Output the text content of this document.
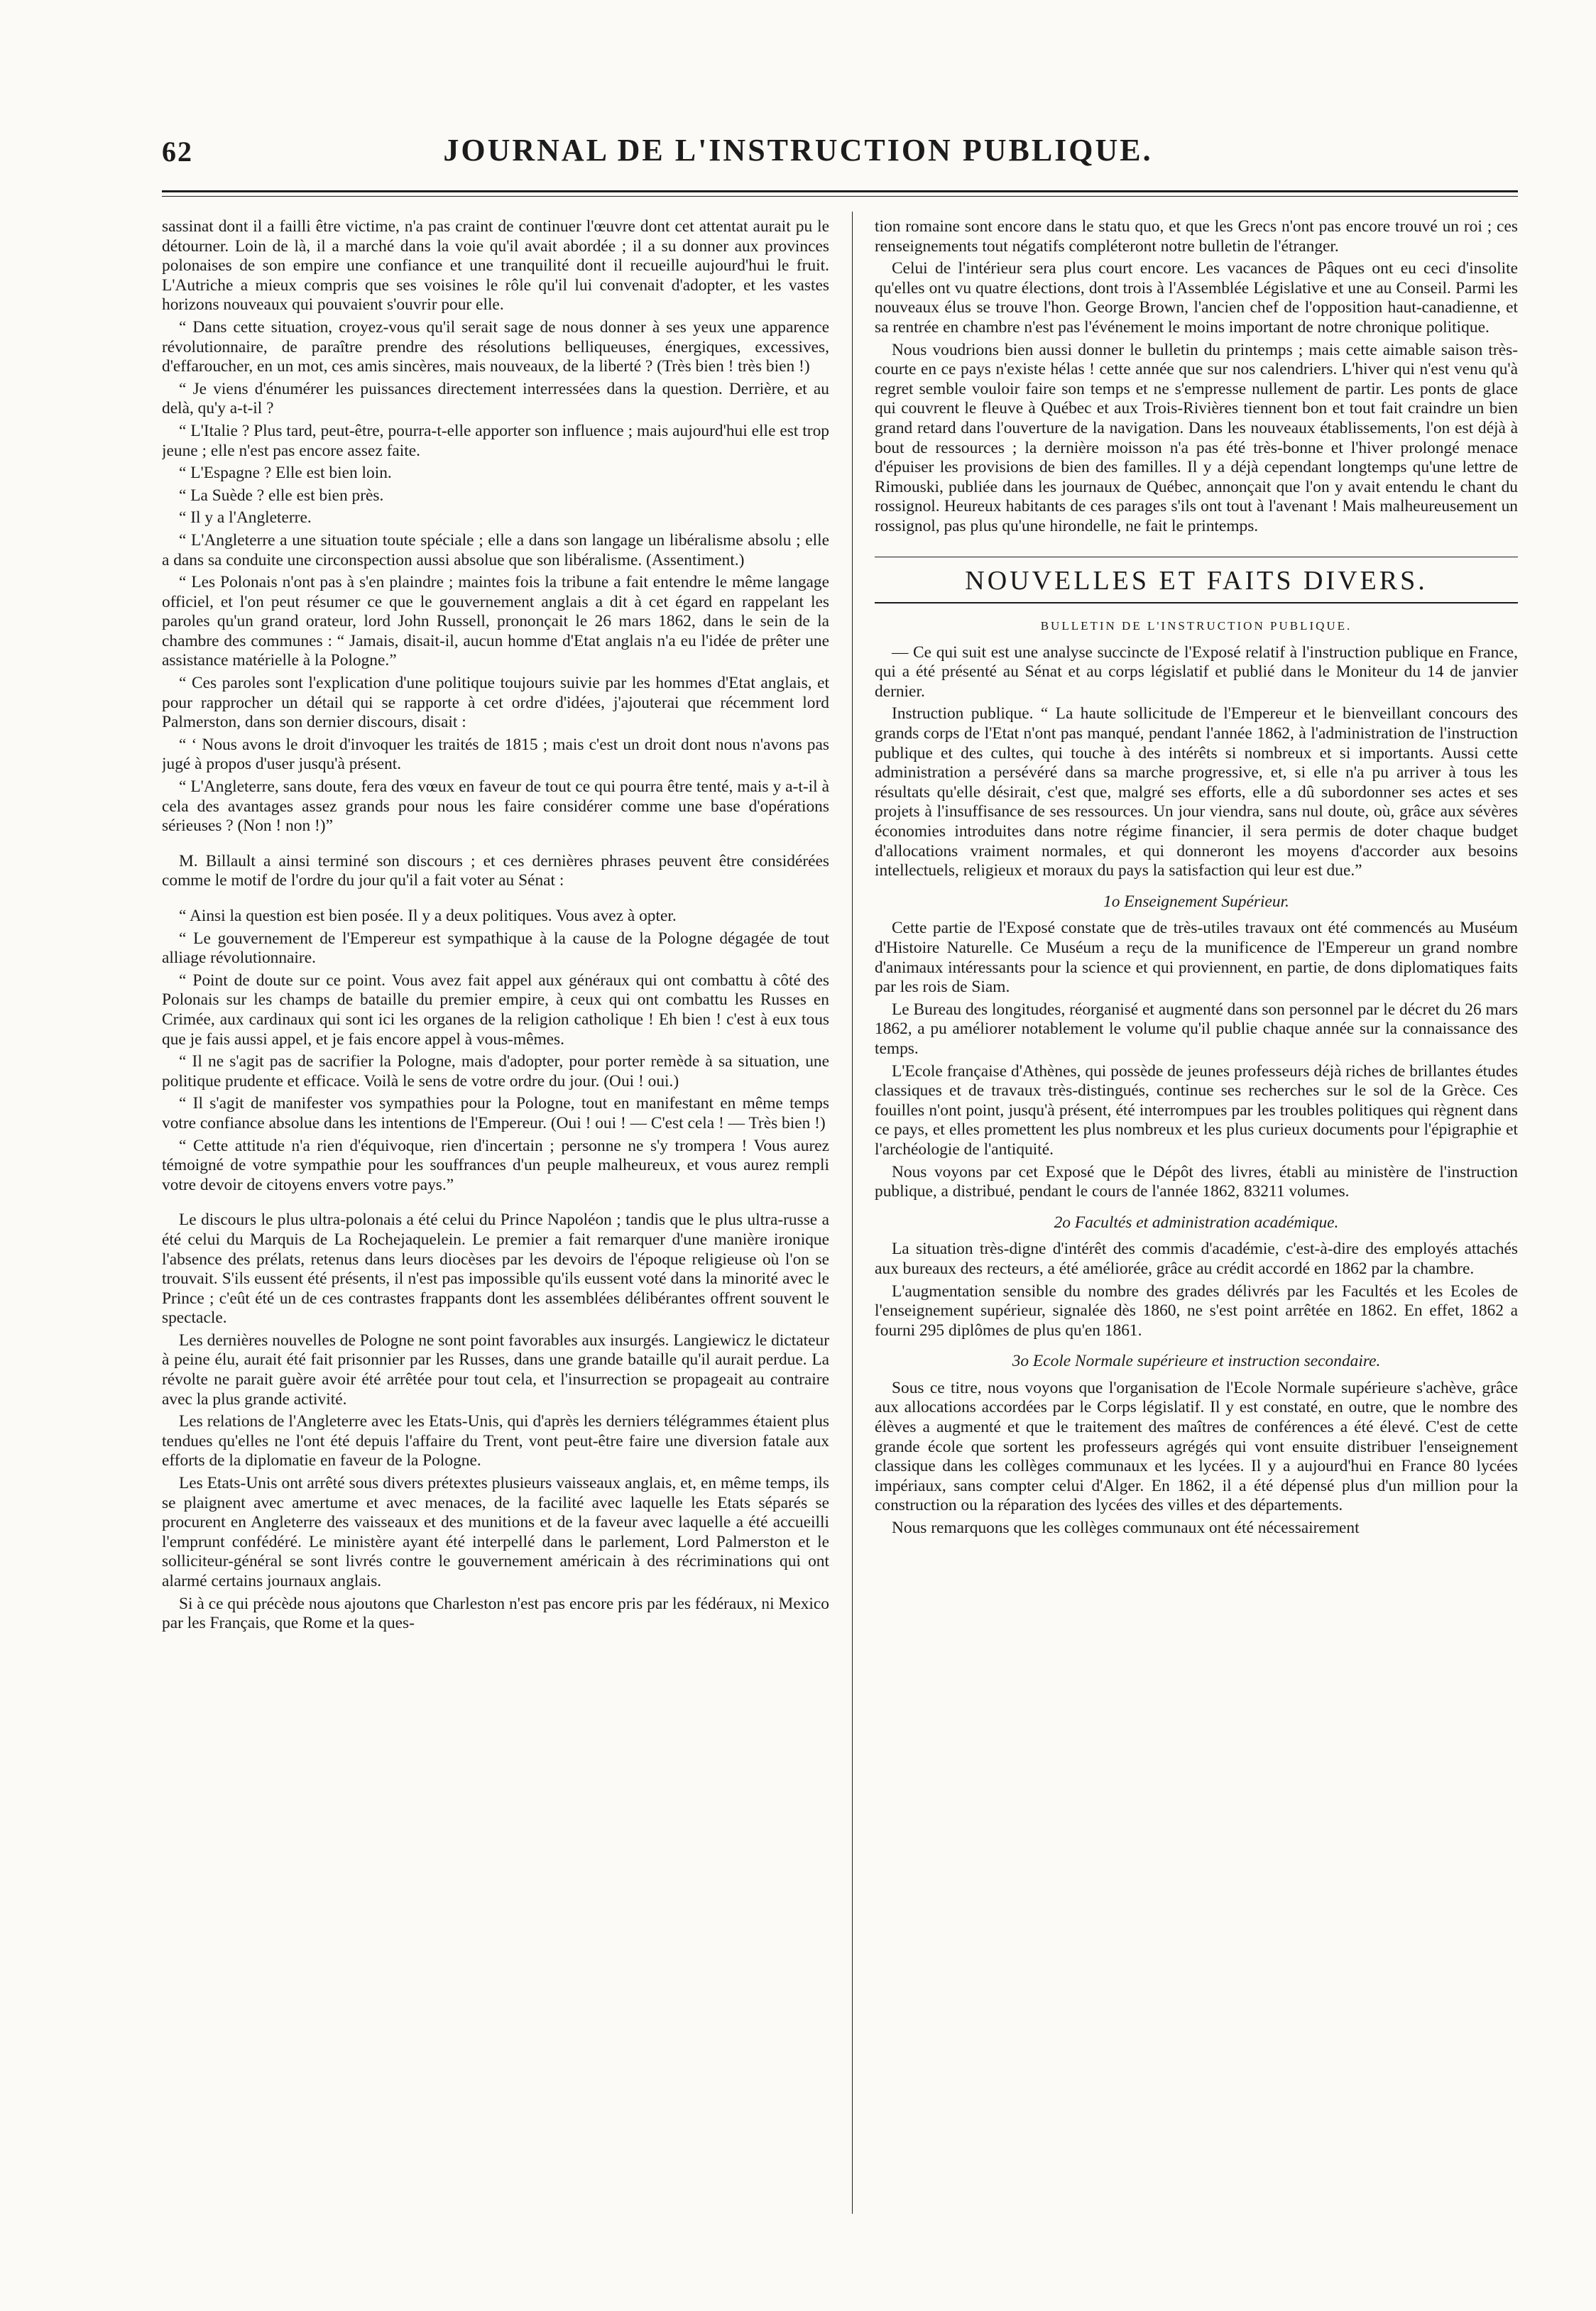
62	JOURNAL DE L'INSTRUCTION PUBLIQUE.

sassinat dont il a failli être victime, n'a pas craint de continuer l'œuvre dont cet attentat aurait pu le détourner. Loin de là, il a marché dans la voie qu'il avait abordée ; il a su donner aux provinces polonaises de son empire une confiance et une tranquilité dont il recueille aujourd'hui le fruit. L'Autriche a mieux compris que ses voisines le rôle qu'il lui convenait d'adopter, et les vastes horizons nouveaux qui pouvaient s'ouvrir pour elle.

“ Dans cette situation, croyez-vous qu'il serait sage de nous donner à ses yeux une apparence révolutionnaire, de paraître prendre des résolutions belliqueuses, énergiques, excessives, d'effaroucher, en un mot, ces amis sincères, mais nouveaux, de la liberté ? (Très bien ! très bien !)

“ Je viens d'énumérer les puissances directement interressées dans la question. Derrière, et au delà, qu'y a-t-il ?

“ L'Italie ? Plus tard, peut-être, pourra-t-elle apporter son influence ; mais aujourd'hui elle est trop jeune ; elle n'est pas encore assez faite.

“ L'Espagne ? Elle est bien loin.

“ La Suède ? elle est bien près.

“ Il y a l'Angleterre.

“ L'Angleterre a une situation toute spéciale ; elle a dans son langage un libéralisme absolu ; elle a dans sa conduite une circonspection aussi absolue que son libéralisme. (Assentiment.)

“ Les Polonais n'ont pas à s'en plaindre ; maintes fois la tribune a fait entendre le même langage officiel, et l'on peut résumer ce que le gouvernement anglais a dit à cet égard en rappelant les paroles qu'un grand orateur, lord John Russell, prononçait le 26 mars 1862, dans le sein de la chambre des communes : “ Jamais, disait-il, aucun homme d'Etat anglais n'a eu l'idée de prêter une assistance matérielle à la Pologne.”

“ Ces paroles sont l'explication d'une politique toujours suivie par les hommes d'Etat anglais, et pour rapprocher un détail qui se rapporte à cet ordre d'idées, j'ajouterai que récemment lord Palmerston, dans son dernier discours, disait :

“ ‘ Nous avons le droit d'invoquer les traités de 1815 ; mais c'est un droit dont nous n'avons pas jugé à propos d'user jusqu'à présent.

“ L'Angleterre, sans doute, fera des vœux en faveur de tout ce qui pourra être tenté, mais y a-t-il à cela des avantages assez grands pour nous les faire considérer comme une base d'opérations sérieuses ? (Non ! non !)”

M. Billault a ainsi terminé son discours ; et ces dernières phrases peuvent être considérées comme le motif de l'ordre du jour qu'il a fait voter au Sénat :

“ Ainsi la question est bien posée. Il y a deux politiques. Vous avez à opter.

“ Le gouvernement de l'Empereur est sympathique à la cause de la Pologne dégagée de tout alliage révolutionnaire.

“ Point de doute sur ce point. Vous avez fait appel aux généraux qui ont combattu à côté des Polonais sur les champs de bataille du premier empire, à ceux qui ont combattu les Russes en Crimée, aux cardinaux qui sont ici les organes de la religion catholique ! Eh bien ! c'est à eux tous que je fais aussi appel, et je fais encore appel à vous-mêmes.

“ Il ne s'agit pas de sacrifier la Pologne, mais d'adopter, pour porter remède à sa situation, une politique prudente et efficace. Voilà le sens de votre ordre du jour. (Oui ! oui.)

“ Il s'agit de manifester vos sympathies pour la Pologne, tout en manifestant en même temps votre confiance absolue dans les intentions de l'Empereur. (Oui ! oui ! — C'est cela ! — Très bien !)

“ Cette attitude n'a rien d'équivoque, rien d'incertain ; personne ne s'y trompera ! Vous aurez témoigné de votre sympathie pour les souffrances d'un peuple malheureux, et vous aurez rempli votre devoir de citoyens envers votre pays.”

Le discours le plus ultra-polonais a été celui du Prince Napoléon ; tandis que le plus ultra-russe a été celui du Marquis de La Rochejaquelein. Le premier a fait remarquer d'une manière ironique l'absence des prélats, retenus dans leurs diocèses par les devoirs de l'époque religieuse où l'on se trouvait. S'ils eussent été présents, il n'est pas impossible qu'ils eussent voté dans la minorité avec le Prince ; c'eût été un de ces contrastes frappants dont les assemblées délibérantes offrent souvent le spectacle.

Les dernières nouvelles de Pologne ne sont point favorables aux insurgés. Langiewicz le dictateur à peine élu, aurait été fait prisonnier par les Russes, dans une grande bataille qu'il aurait perdue. La révolte ne parait guère avoir été arrêtée pour tout cela, et l'insurrection se propageait au contraire avec la plus grande activité.

Les relations de l'Angleterre avec les Etats-Unis, qui d'après les derniers télégrammes étaient plus tendues qu'elles ne l'ont été depuis l'affaire du Trent, vont peut-être faire une diversion fatale aux efforts de la diplomatie en faveur de la Pologne.

Les Etats-Unis ont arrêté sous divers prétextes plusieurs vaisseaux anglais, et, en même temps, ils se plaignent avec amertume et avec menaces, de la facilité avec laquelle les Etats séparés se procurent en Angleterre des vaisseaux et des munitions et de la faveur avec laquelle a été accueilli l'emprunt confédéré. Le ministère ayant été interpellé dans le parlement, Lord Palmerston et le solliciteur-général se sont livrés contre le gouvernement américain à des récriminations qui ont alarmé certains journaux anglais.

Si à ce qui précède nous ajoutons que Charleston n'est pas encore pris par les fédéraux, ni Mexico par les Français, que Rome et la ques-

tion romaine sont encore dans le statu quo, et que les Grecs n'ont pas encore trouvé un roi ; ces renseignements tout négatifs compléteront notre bulletin de l'étranger.

Celui de l'intérieur sera plus court encore. Les vacances de Pâques ont eu ceci d'insolite qu'elles ont vu quatre élections, dont trois à l'Assemblée Législative et une au Conseil. Parmi les nouveaux élus se trouve l'hon. George Brown, l'ancien chef de l'opposition haut-canadienne, et sa rentrée en chambre n'est pas l'événement le moins important de notre chronique politique.

Nous voudrions bien aussi donner le bulletin du printemps ; mais cette aimable saison très-courte en ce pays n'existe hélas ! cette année que sur nos calendriers. L'hiver qui n'est venu qu'à regret semble vouloir faire son temps et ne s'empresse nullement de partir. Les ponts de glace qui couvrent le fleuve à Québec et aux Trois-Rivières tiennent bon et tout fait craindre un bien grand retard dans l'ouverture de la navigation. Dans les nouveaux établissements, l'on est déjà à bout de ressources ; la dernière moisson n'a pas été très-bonne et l'hiver prolongé menace d'épuiser les provisions de bien des familles. Il y a déjà cependant longtemps qu'une lettre de Rimouski, publiée dans les journaux de Québec, annonçait que l'on y avait entendu le chant du rossignol. Heureux habitants de ces parages s'ils ont tout à l'avenant ! Mais malheureusement un rossignol, pas plus qu'une hirondelle, ne fait le printemps.

NOUVELLES ET FAITS DIVERS.
BULLETIN DE L'INSTRUCTION PUBLIQUE.

— Ce qui suit est une analyse succincte de l'Exposé relatif à l'instruction publique en France, qui a été présenté au Sénat et au corps législatif et publié dans le Moniteur du 14 de janvier dernier.

Instruction publique. “ La haute sollicitude de l'Empereur et le bienveillant concours des grands corps de l'Etat n'ont pas manqué, pendant l'année 1862, à l'administration de l'instruction publique et des cultes, qui touche à des intérêts si nombreux et si importants. Aussi cette administration a persévéré dans sa marche progressive, et, si elle n'a pu arriver à tous les résultats qu'elle désirait, c'est que, malgré ses efforts, elle a dû subordonner ses actes et ses projets à l'insuffisance de ses ressources. Un jour viendra, sans nul doute, où, grâce aux sévères économies introduites dans notre régime financier, il sera permis de doter chaque budget d'allocations vraiment normales, et qui donneront les moyens d'accorder aux besoins intellectuels, religieux et moraux du pays la satisfaction qui leur est due.”

1o Enseignement Supérieur.

Cette partie de l'Exposé constate que de très-utiles travaux ont été commencés au Muséum d'Histoire Naturelle. Ce Muséum a reçu de la munificence de l'Empereur un grand nombre d'animaux intéressants pour la science et qui proviennent, en partie, de dons diplomatiques faits par les rois de Siam.

Le Bureau des longitudes, réorganisé et augmenté dans son personnel par le décret du 26 mars 1862, a pu améliorer notablement le volume qu'il publie chaque année sur la connaissance des temps.

L'Ecole française d'Athènes, qui possède de jeunes professeurs déjà riches de brillantes études classiques et de travaux très-distingués, continue ses recherches sur le sol de la Grèce. Ces fouilles n'ont point, jusqu'à présent, été interrompues par les troubles politiques qui règnent dans ce pays, et elles promettent les plus nombreux et les plus curieux documents pour l'épigraphie et l'archéologie de l'antiquité.

Nous voyons par cet Exposé que le Dépôt des livres, établi au ministère de l'instruction publique, a distribué, pendant le cours de l'année 1862, 83211 volumes.

2o Facultés et administration académique.

La situation très-digne d'intérêt des commis d'académie, c'est-à-dire des employés attachés aux bureaux des recteurs, a été améliorée, grâce au crédit accordé en 1862 par la chambre.

L'augmentation sensible du nombre des grades délivrés par les Facultés et les Ecoles de l'enseignement supérieur, signalée dès 1860, ne s'est point arrêtée en 1862. En effet, 1862 a fourni 295 diplômes de plus qu'en 1861.

3o Ecole Normale supérieure et instruction secondaire.

Sous ce titre, nous voyons que l'organisation de l'Ecole Normale supérieure s'achève, grâce aux allocations accordées par le Corps législatif. Il y est constaté, en outre, que le nombre des élèves a augmenté et que le traitement des maîtres de conférences a été élevé. C'est de cette grande école que sortent les professeurs agrégés qui vont ensuite distribuer l'enseignement classique dans les collèges communaux et les lycées. Il y a aujourd'hui en France 80 lycées impériaux, sans compter celui d'Alger. En 1862, il a été dépensé plus d'un million pour la construction ou la réparation des lycées des villes et des départements.

Nous remarquons que les collèges communaux ont été nécessairement
